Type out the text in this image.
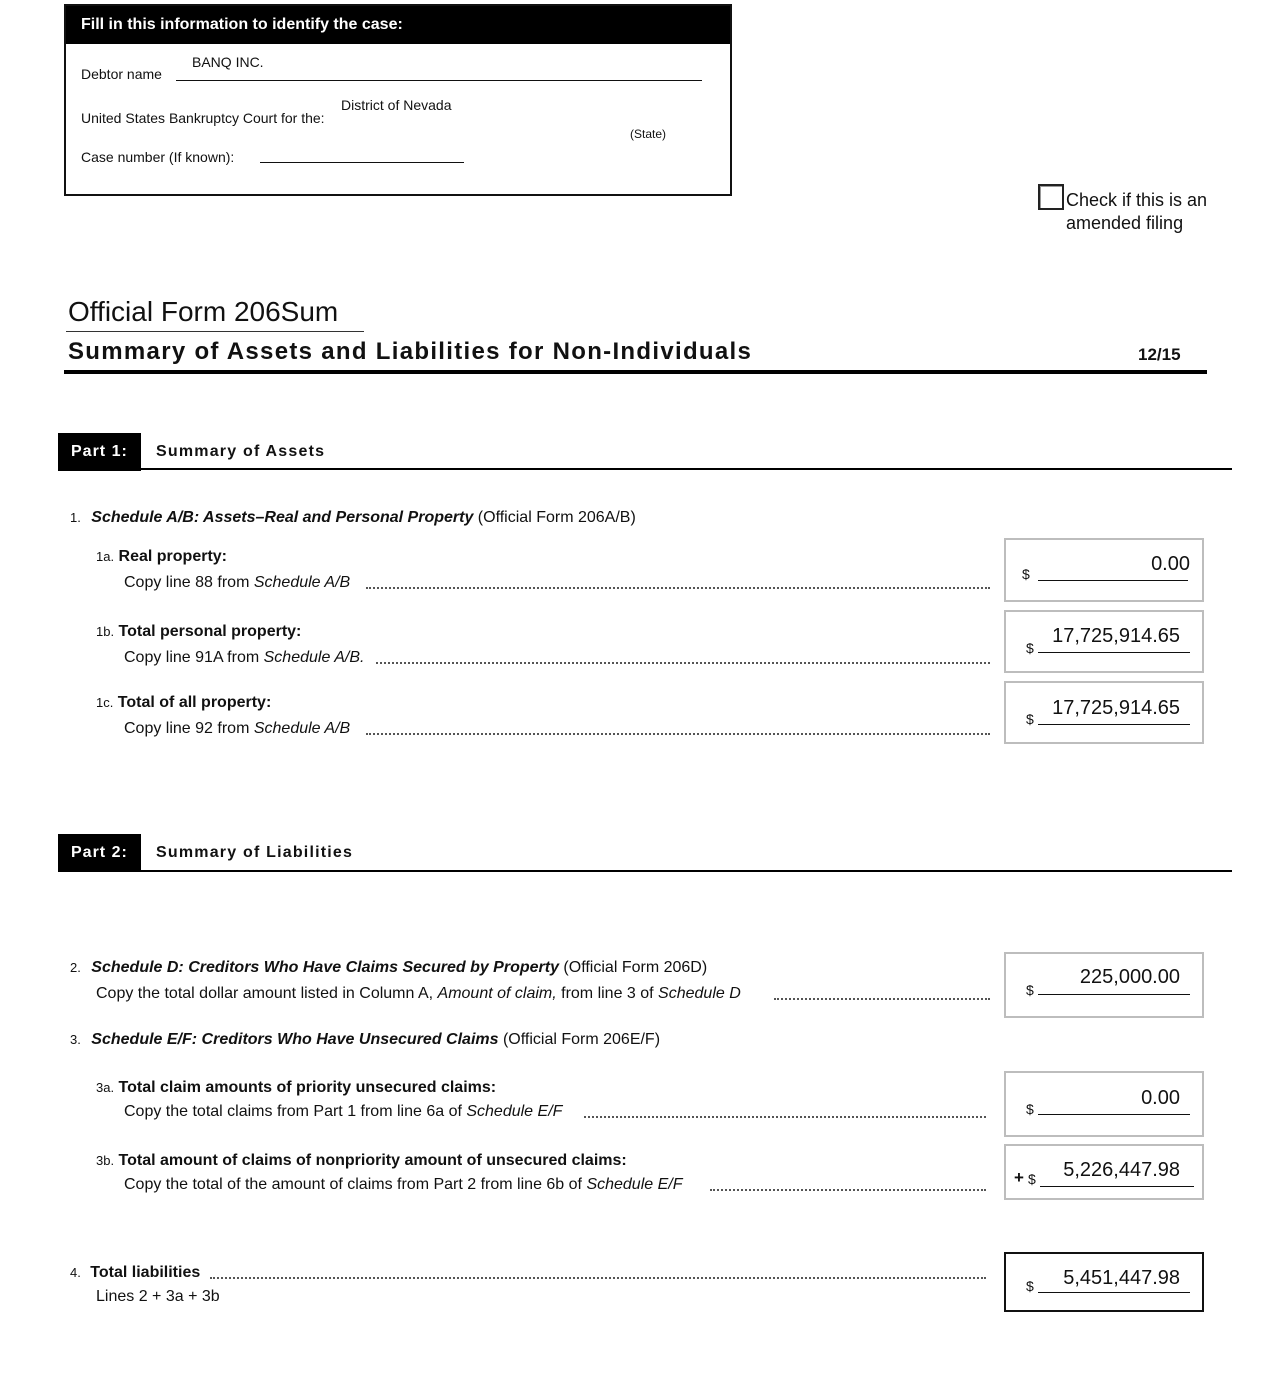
Fill in this information to identify the case:
Debtor name
BANQ INC.
United States Bankruptcy Court for the:
District of Nevada
(State)
Case number (If known):
Check if this is an
amended filing
Official Form 206Sum
Summary of Assets and Liabilities for Non-Individuals	12/15
Part 1:	Summary of Assets
1. Schedule A/B: Assets–Real and Personal Property (Official Form 206A/B)
1a. Real property:
Copy line 88 from Schedule A/B	$	0.00
1b. Total personal property:
Copy line 91A from Schedule A/B.
$
17,725,914.65
1c. Total of all property:
Copy line 92 from Schedule A/B
$ 17,725,914.65
Part 2:	Summary of Liabilities
2. Schedule D: Creditors Who Have Claims Secured by Property (Official Form 206D)
Copy the total dollar amount listed in Column A, Amount of claim, from line 3 of Schedule D	$
225,000.00
3. Schedule E/F: Creditors Who Have Unsecured Claims (Official Form 206E/F)
3a. Total claim amounts of priority unsecured claims:
Copy the total claims from Part 1 from line 6a of Schedule E/F	$	0.00
3b. Total amount of claims of nonpriority amount of unsecured claims:
Copy the total of the amount of claims from Part 2 from line 6b of Schedule E/F	+ $ 5,226,447.98
4. Total liabilities
Lines 2 + 3a + 3b
$ 5,451,447.98
